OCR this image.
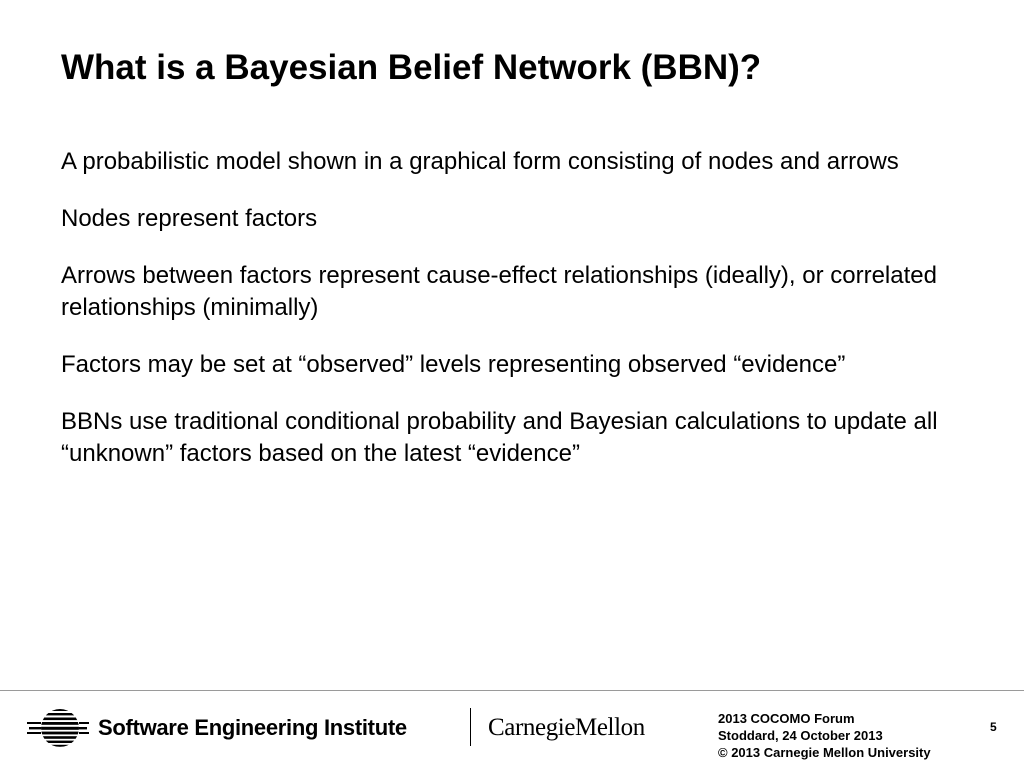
What is a Bayesian Belief Network (BBN)?
A probabilistic model shown in a graphical form consisting of nodes and arrows
Nodes represent factors
Arrows between factors represent cause-effect relationships (ideally), or correlated relationships (minimally)
Factors may be set at “observed” levels representing observed “evidence”
BBNs use traditional conditional probability and Bayesian calculations to update all “unknown” factors based on the latest “evidence”
Software Engineering Institute	CarnegieMellon	2013 COCOMO Forum
Stoddard, 24 October 2013
© 2013 Carnegie Mellon University
5
